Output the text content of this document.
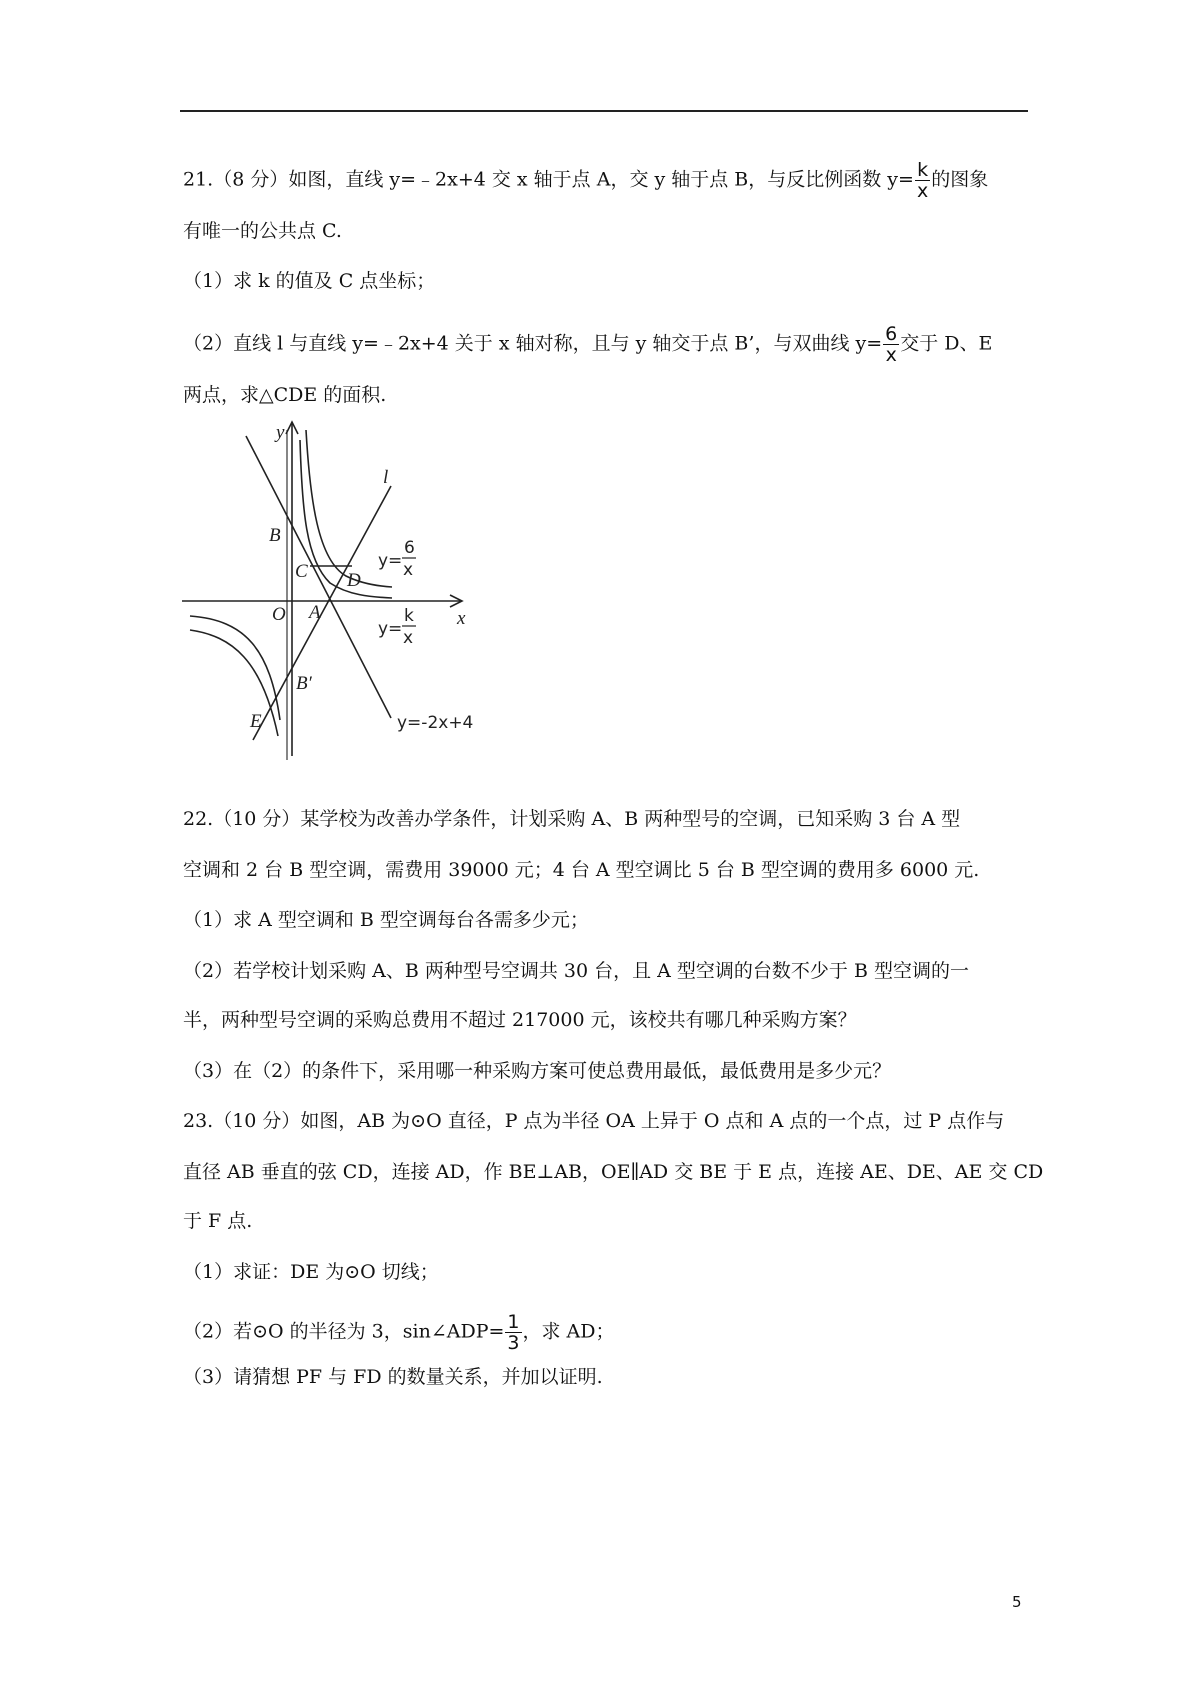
21.（8 分）如图，直线 y=﹣2x+4 交 x 轴于点 A，交 y 轴于点 B，与反比例函数 $y= \frac{k}{x}$ 的图象
有唯一的公共点 C.
（1）求 k 的值及 C 点坐标；
（2）直线 l 与直线 y=﹣2x+4 关于 x 轴对称，且与 y 轴交于点 B’，与双曲线 $y= \frac{6}{x}$ 交于 D、E
两点，求△CDE 的面积.
y
x
l
B
C D
O A
B′
E
y=
6
x
y=
k
x
y=-2x+4
22.（10 分）某学校为改善办学条件，计划采购 A、B 两种型号的空调，已知采购 3 台 A 型
空调和 2 台 B 型空调，需费用 39000 元；4 台 A 型空调比 5 台 B 型空调的费用多 6000 元.
（1）求 A 型空调和 B 型空调每台各需多少元；
（2）若学校计划采购 A、B 两种型号空调共 30 台，且 A 型空调的台数不少于 B 型空调的一
半，两种型号空调的采购总费用不超过 217000 元，该校共有哪几种采购方案？
（3）在（2）的条件下，采用哪一种采购方案可使总费用最低，最低费用是多少元？
23.（10 分）如图，AB 为⊙O 直径，P 点为半径 OA 上异于 O 点和 A 点的一个点，过 P 点作与
直径 AB 垂直的弦 CD，连接 AD，作 BE⊥AB，OE∥AD 交 BE 于 E 点，连接 AE、DE、AE 交 CD
于 F 点.
（1）求证：DE 为⊙O 切线；
（2）若⊙O 的半径为 3，sin∠ADP= $\frac{1}{3}$ ，求 AD；
（3）请猜想 PF 与 FD 的数量关系，并加以证明.
5
